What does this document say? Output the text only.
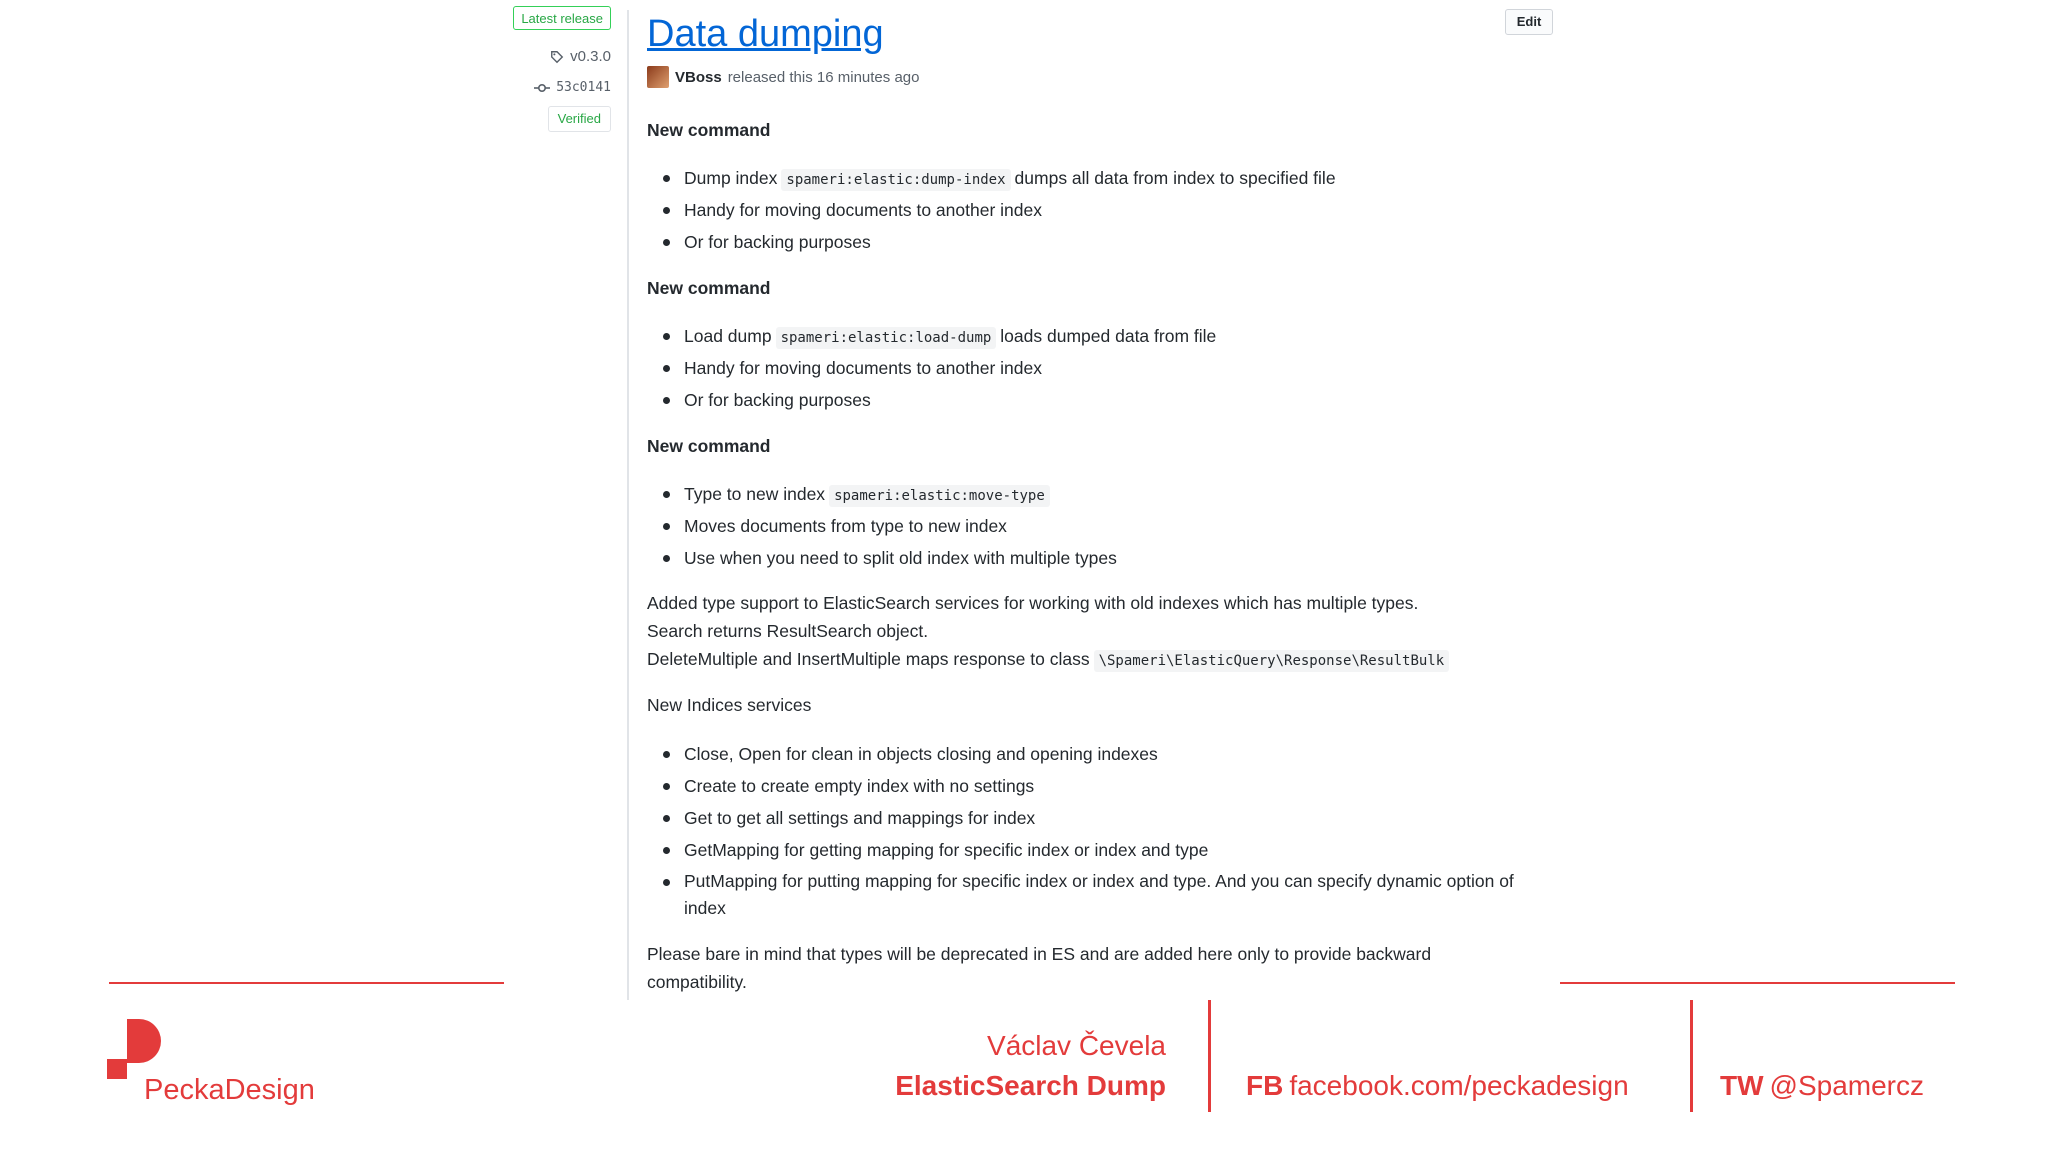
Latest release
v0.3.0
53c0141
Verified
Data dumping
VBoss released this 16 minutes ago
Edit
New command
Dump index spameri:elastic:dump-index dumps all data from index to specified file
Handy for moving documents to another index
Or for backing purposes
New command
Load dump spameri:elastic:load-dump loads dumped data from file
Handy for moving documents to another index
Or for backing purposes
New command
Type to new index spameri:elastic:move-type
Moves documents from type to new index
Use when you need to split old index with multiple types
Added type support to ElasticSearch services for working with old indexes which has multiple types.
Search returns ResultSearch object.
DeleteMultiple and InsertMultiple maps response to class \Spameri\ElasticQuery\Response\ResultBulk
New Indices services
Close, Open for clean in objects closing and opening indexes
Create to create empty index with no settings
Get to get all settings and mappings for index
GetMapping for getting mapping for specific index or index and type
PutMapping for putting mapping for specific index or index and type. And you can specify dynamic option of index
Please bare in mind that types will be deprecated in ES and are added here only to provide backward compatibility.
PeckaDesign
Václav Čevela
ElasticSearch Dump	FB facebook.com/peckadesign	TW @Spamercz
